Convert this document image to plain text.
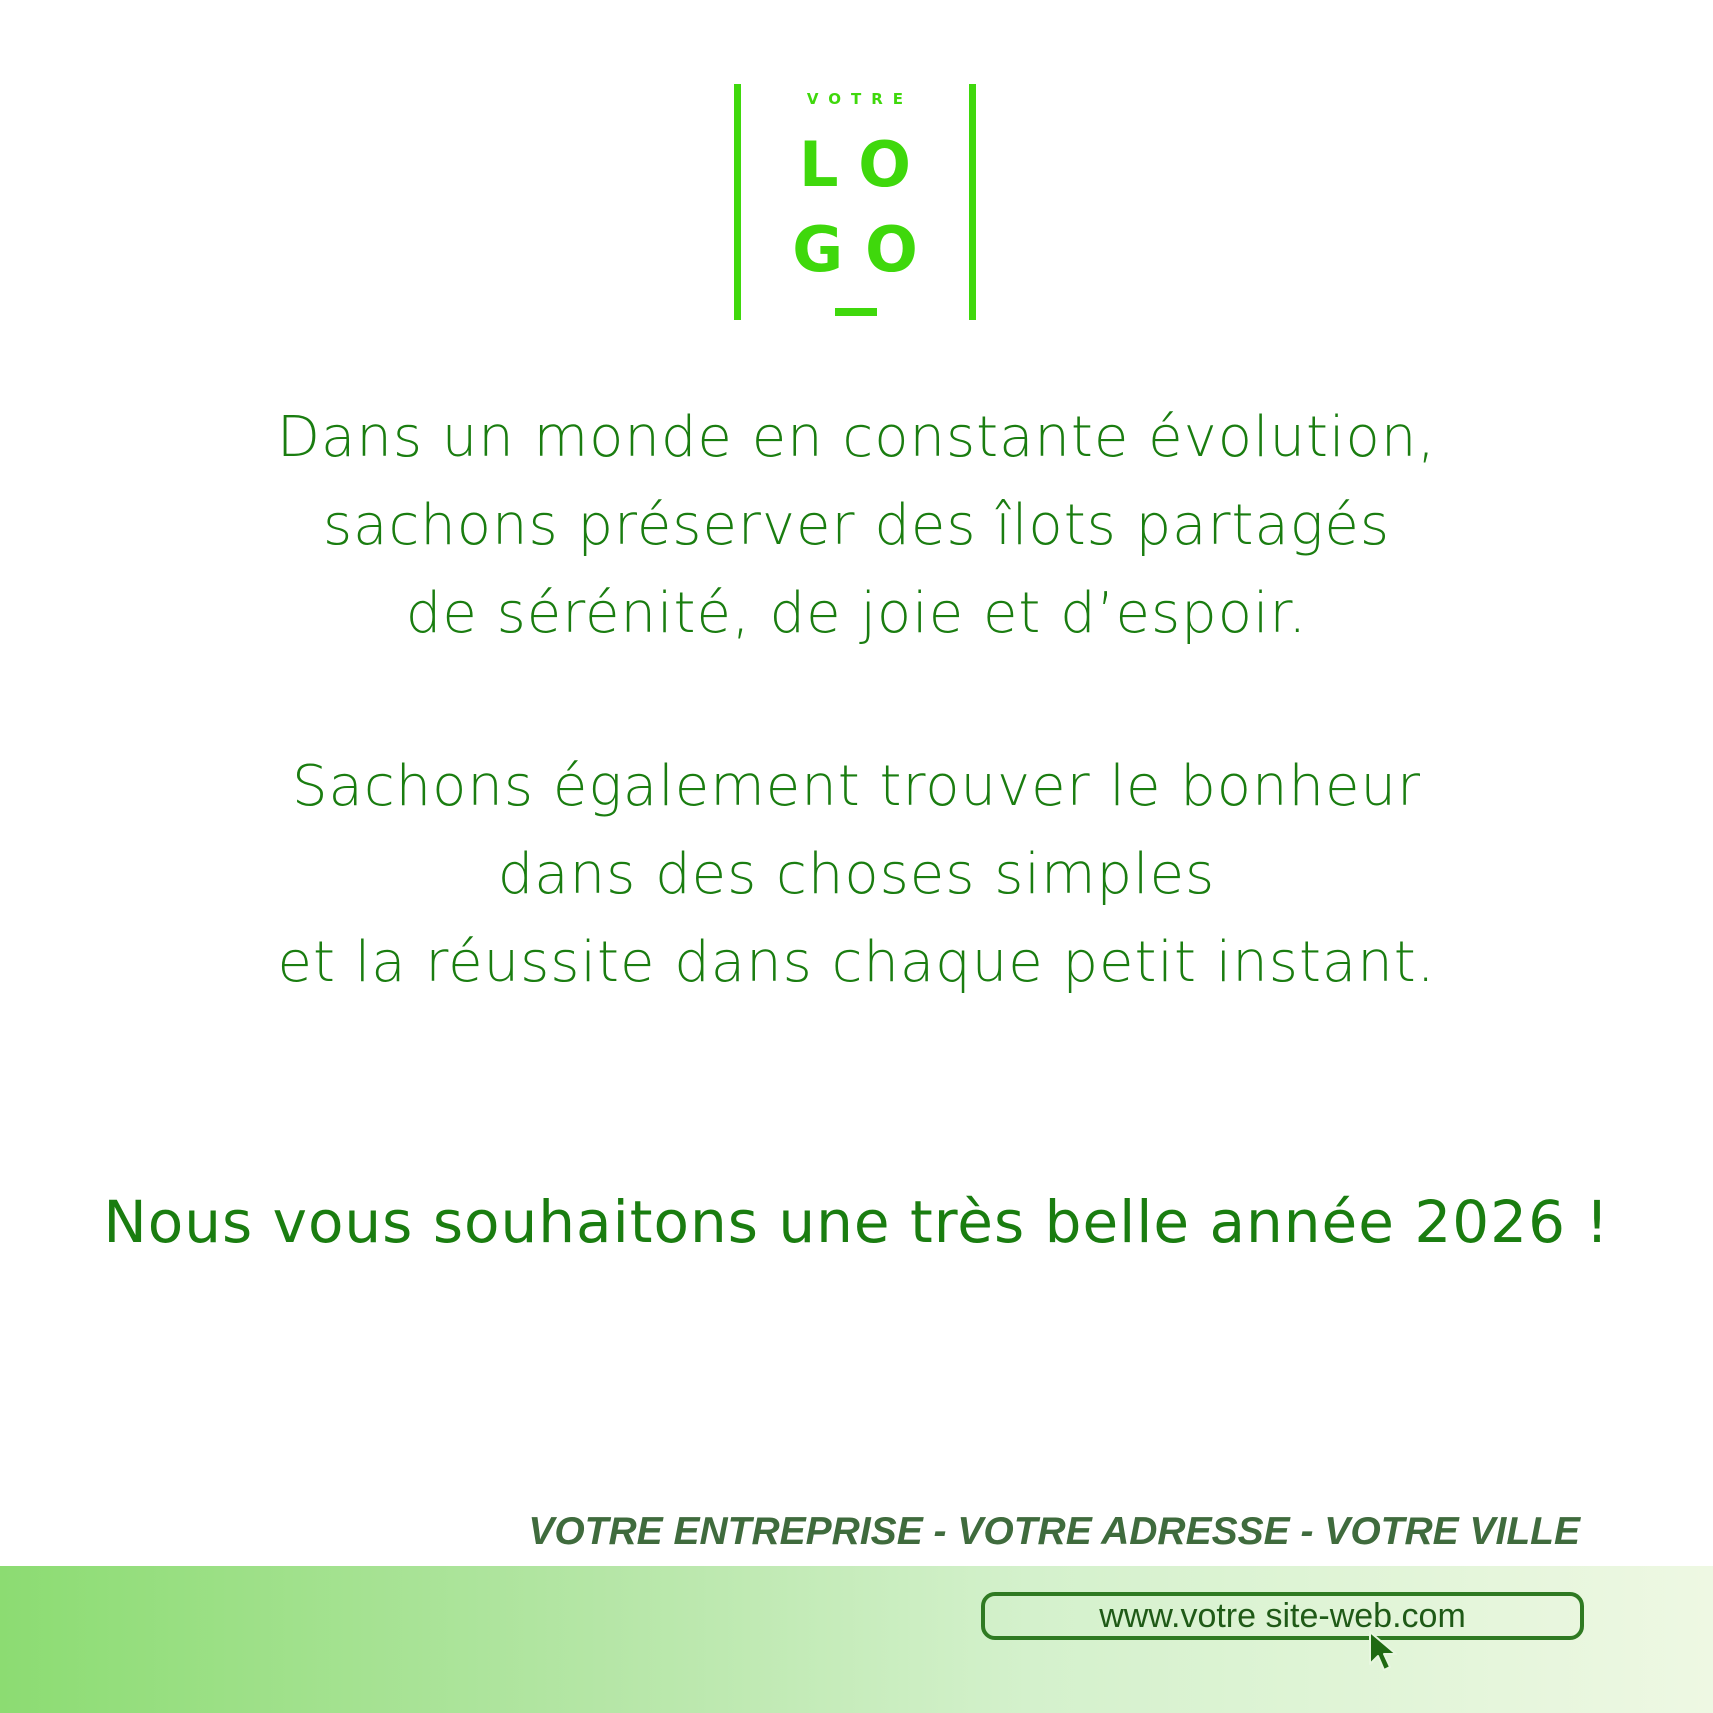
VOTRE
LO
GO
Dans un monde en constante évolution,
sachons préserver des îlots partagés
de sérénité, de joie et d’espoir.
Sachons également trouver le bonheur
dans des choses simples
et la réussite dans chaque petit instant.
Nous vous souhaitons une très belle année 2026 !
VOTRE ENTREPRISE - VOTRE ADRESSE - VOTRE VILLE
www.votre site-web.com
